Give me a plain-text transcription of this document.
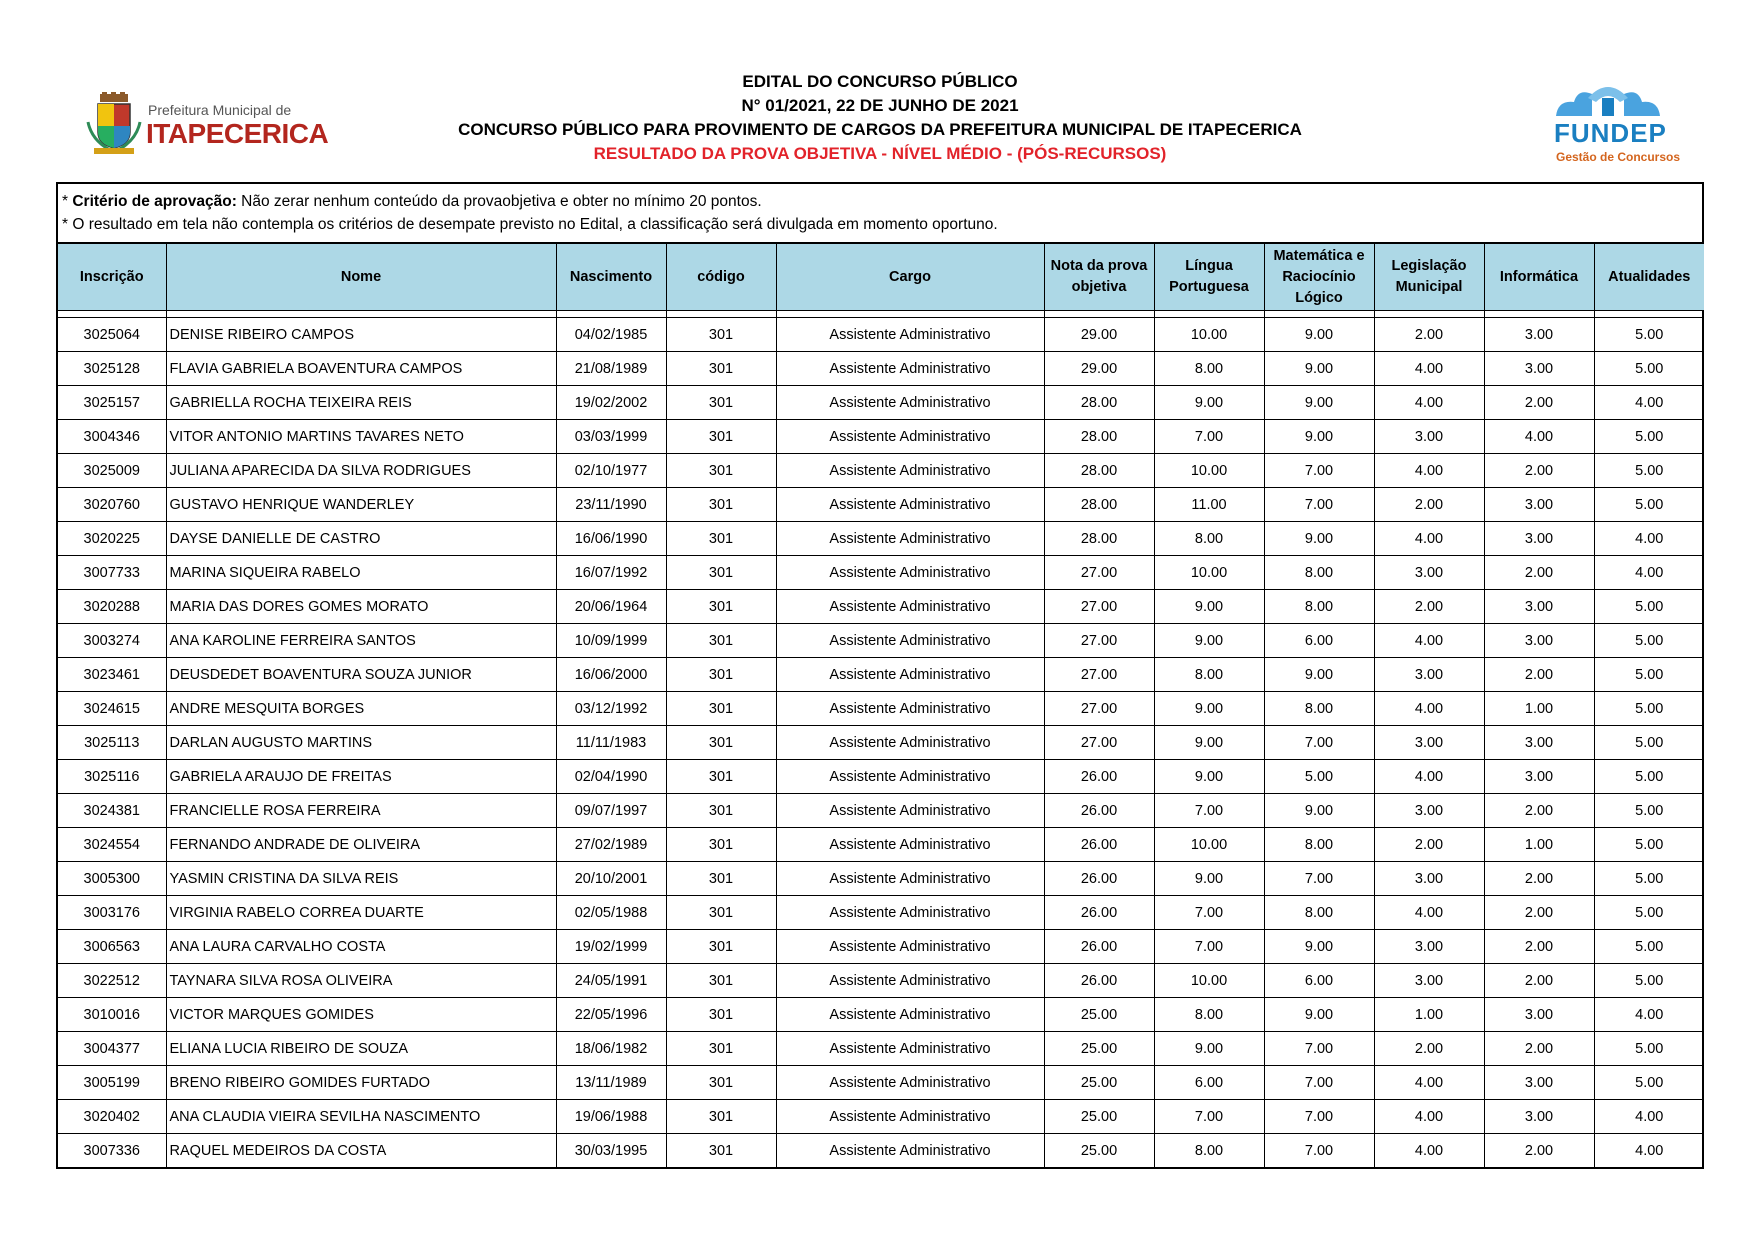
Prefeitura Municipal de
ITAPECERICA
EDITAL DO CONCURSO PÚBLICO
N° 01/2021, 22 DE JUNHO DE 2021
CONCURSO PÚBLICO PARA PROVIMENTO DE CARGOS DA PREFEITURA MUNICIPAL DE ITAPECERICA
RESULTADO DA PROVA OBJETIVA - NÍVEL MÉDIO - (PÓS-RECURSOS)
FUNDEP
Gestão de Concursos
* Critério de aprovação: Não zerar nenhum conteúdo da provaobjetiva e obter no mínimo 20 pontos.
* O resultado em tela não contempla os critérios de desempate previsto no Edital, a classificação será divulgada em momento oportuno.
Inscrição	Nome	Nascimento	código	Cargo	Nota da prova objetiva	Língua Portuguesa	Matemática e Raciocínio Lógico	Legislação Municipal	Informática	Atualidades

3025064	DENISE RIBEIRO CAMPOS	04/02/1985	301	Assistente Administrativo	29.00	10.00	9.00	2.00	3.00	5.00
3025128	FLAVIA GABRIELA BOAVENTURA CAMPOS	21/08/1989	301	Assistente Administrativo	29.00	8.00	9.00	4.00	3.00	5.00
3025157	GABRIELLA ROCHA TEIXEIRA REIS	19/02/2002	301	Assistente Administrativo	28.00	9.00	9.00	4.00	2.00	4.00
3004346	VITOR ANTONIO MARTINS TAVARES NETO	03/03/1999	301	Assistente Administrativo	28.00	7.00	9.00	3.00	4.00	5.00
3025009	JULIANA APARECIDA DA SILVA RODRIGUES	02/10/1977	301	Assistente Administrativo	28.00	10.00	7.00	4.00	2.00	5.00
3020760	GUSTAVO HENRIQUE WANDERLEY	23/11/1990	301	Assistente Administrativo	28.00	11.00	7.00	2.00	3.00	5.00
3020225	DAYSE DANIELLE DE CASTRO	16/06/1990	301	Assistente Administrativo	28.00	8.00	9.00	4.00	3.00	4.00
3007733	MARINA SIQUEIRA RABELO	16/07/1992	301	Assistente Administrativo	27.00	10.00	8.00	3.00	2.00	4.00
3020288	MARIA DAS DORES GOMES MORATO	20/06/1964	301	Assistente Administrativo	27.00	9.00	8.00	2.00	3.00	5.00
3003274	ANA KAROLINE FERREIRA SANTOS	10/09/1999	301	Assistente Administrativo	27.00	9.00	6.00	4.00	3.00	5.00
3023461	DEUSDEDET BOAVENTURA SOUZA JUNIOR	16/06/2000	301	Assistente Administrativo	27.00	8.00	9.00	3.00	2.00	5.00
3024615	ANDRE MESQUITA BORGES	03/12/1992	301	Assistente Administrativo	27.00	9.00	8.00	4.00	1.00	5.00
3025113	DARLAN AUGUSTO MARTINS	11/11/1983	301	Assistente Administrativo	27.00	9.00	7.00	3.00	3.00	5.00
3025116	GABRIELA ARAUJO DE FREITAS	02/04/1990	301	Assistente Administrativo	26.00	9.00	5.00	4.00	3.00	5.00
3024381	FRANCIELLE ROSA FERREIRA	09/07/1997	301	Assistente Administrativo	26.00	7.00	9.00	3.00	2.00	5.00
3024554	FERNANDO ANDRADE DE OLIVEIRA	27/02/1989	301	Assistente Administrativo	26.00	10.00	8.00	2.00	1.00	5.00
3005300	YASMIN CRISTINA DA SILVA REIS	20/10/2001	301	Assistente Administrativo	26.00	9.00	7.00	3.00	2.00	5.00
3003176	VIRGINIA RABELO CORREA DUARTE	02/05/1988	301	Assistente Administrativo	26.00	7.00	8.00	4.00	2.00	5.00
3006563	ANA LAURA CARVALHO COSTA	19/02/1999	301	Assistente Administrativo	26.00	7.00	9.00	3.00	2.00	5.00
3022512	TAYNARA SILVA ROSA OLIVEIRA	24/05/1991	301	Assistente Administrativo	26.00	10.00	6.00	3.00	2.00	5.00
3010016	VICTOR MARQUES GOMIDES	22/05/1996	301	Assistente Administrativo	25.00	8.00	9.00	1.00	3.00	4.00
3004377	ELIANA LUCIA RIBEIRO DE SOUZA	18/06/1982	301	Assistente Administrativo	25.00	9.00	7.00	2.00	2.00	5.00
3005199	BRENO RIBEIRO GOMIDES FURTADO	13/11/1989	301	Assistente Administrativo	25.00	6.00	7.00	4.00	3.00	5.00
3020402	ANA CLAUDIA VIEIRA SEVILHA NASCIMENTO	19/06/1988	301	Assistente Administrativo	25.00	7.00	7.00	4.00	3.00	4.00
3007336	RAQUEL MEDEIROS DA COSTA	30/03/1995	301	Assistente Administrativo	25.00	8.00	7.00	4.00	2.00	4.00
